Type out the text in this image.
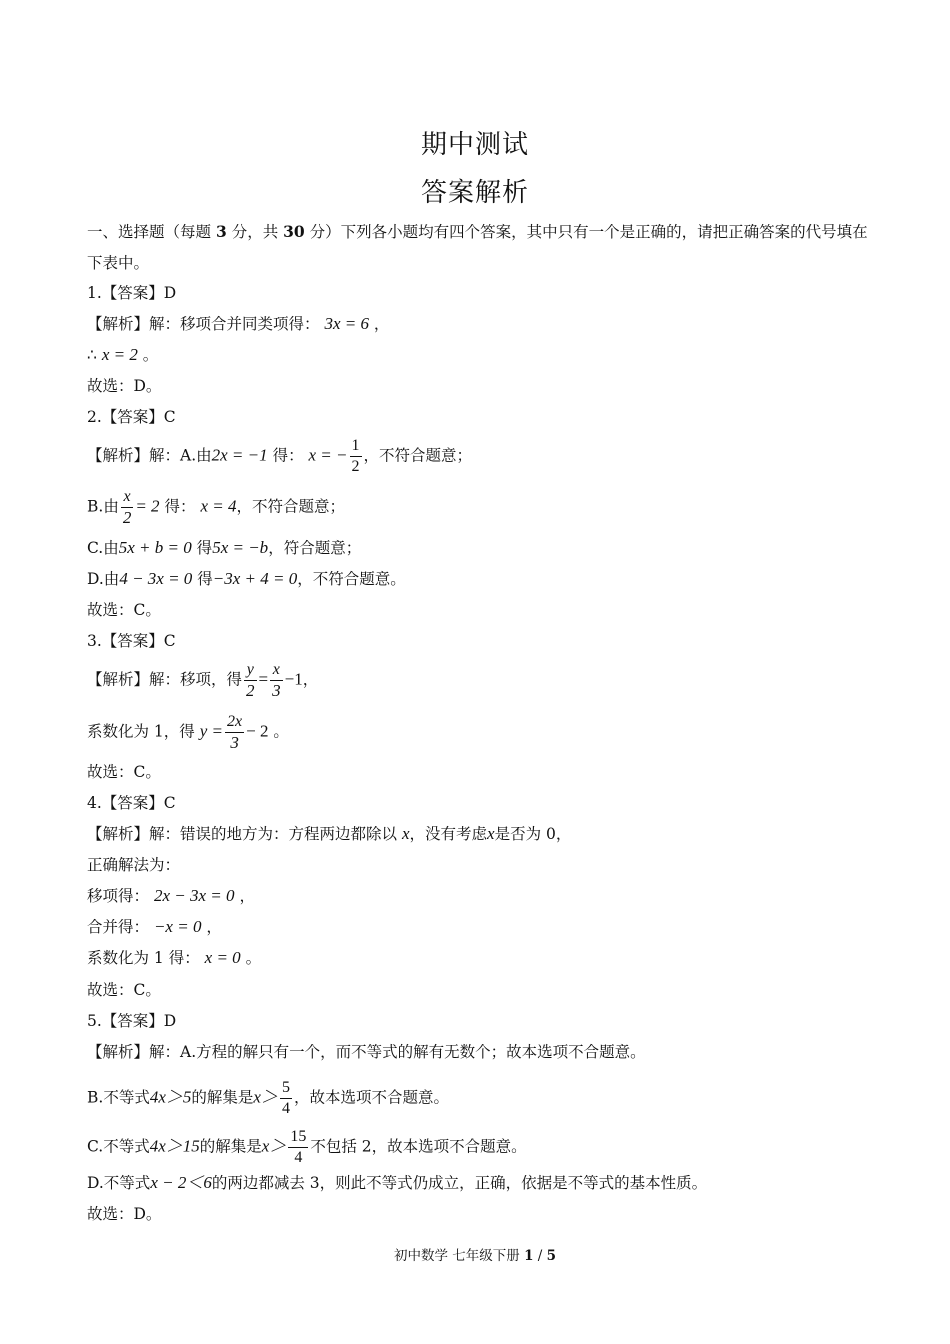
期中测试
答案解析
一、选择题（每题 3 分，共 30 分）下列各小题均有四个答案，其中只有一个是正确的，请把正确答案的代号填在下表中。
1.【答案】D
【解析】解：移项合并同类项得： 3x = 6 ，
∴ x = 2 。
故选：D。
2.【答案】C
【解析】解：A.由2x = −1 得： x = − $\frac{1}{2}$ ，不符合题意；
B.由 $\frac{x}{2} = 2$ 得： x = 4，不符合题意；
C.由5x + b = 0 得5x = −b，符合题意；
D.由4 − 3x = 0 得−3x + 4 = 0，不符合题意。
故选：C。
3.【答案】C
【解析】解：移项，得 $\frac{y}{2} = \frac{x}{3} -1$，
系数化为 1，得 $y = \frac{2x}{3} - 2$ 。
故选：C。
4.【答案】C
【解析】解：错误的地方为：方程两边都除以 x，没有考虑x是否为 0，
正确解法为：
移项得： 2x − 3x = 0 ，
合并得： −x = 0 ，
系数化为 1 得： x = 0 。
故选：C。
5.【答案】D
【解析】解：A.方程的解只有一个，而不等式的解有无数个；故本选项不合题意。
B.不等式4x＞5的解集是$x> \frac{5}{4}$ ，故本选项不合题意。
C.不等式4x＞15的解集是$x> \frac{15}{4}$ 不包括 2，故本选项不合题意。
D.不等式x − 2＜6的两边都减去 3，则此不等式仍成立，正确，依据是不等式的基本性质。
故选：D。
初中数学 七年级下册 1 / 5
